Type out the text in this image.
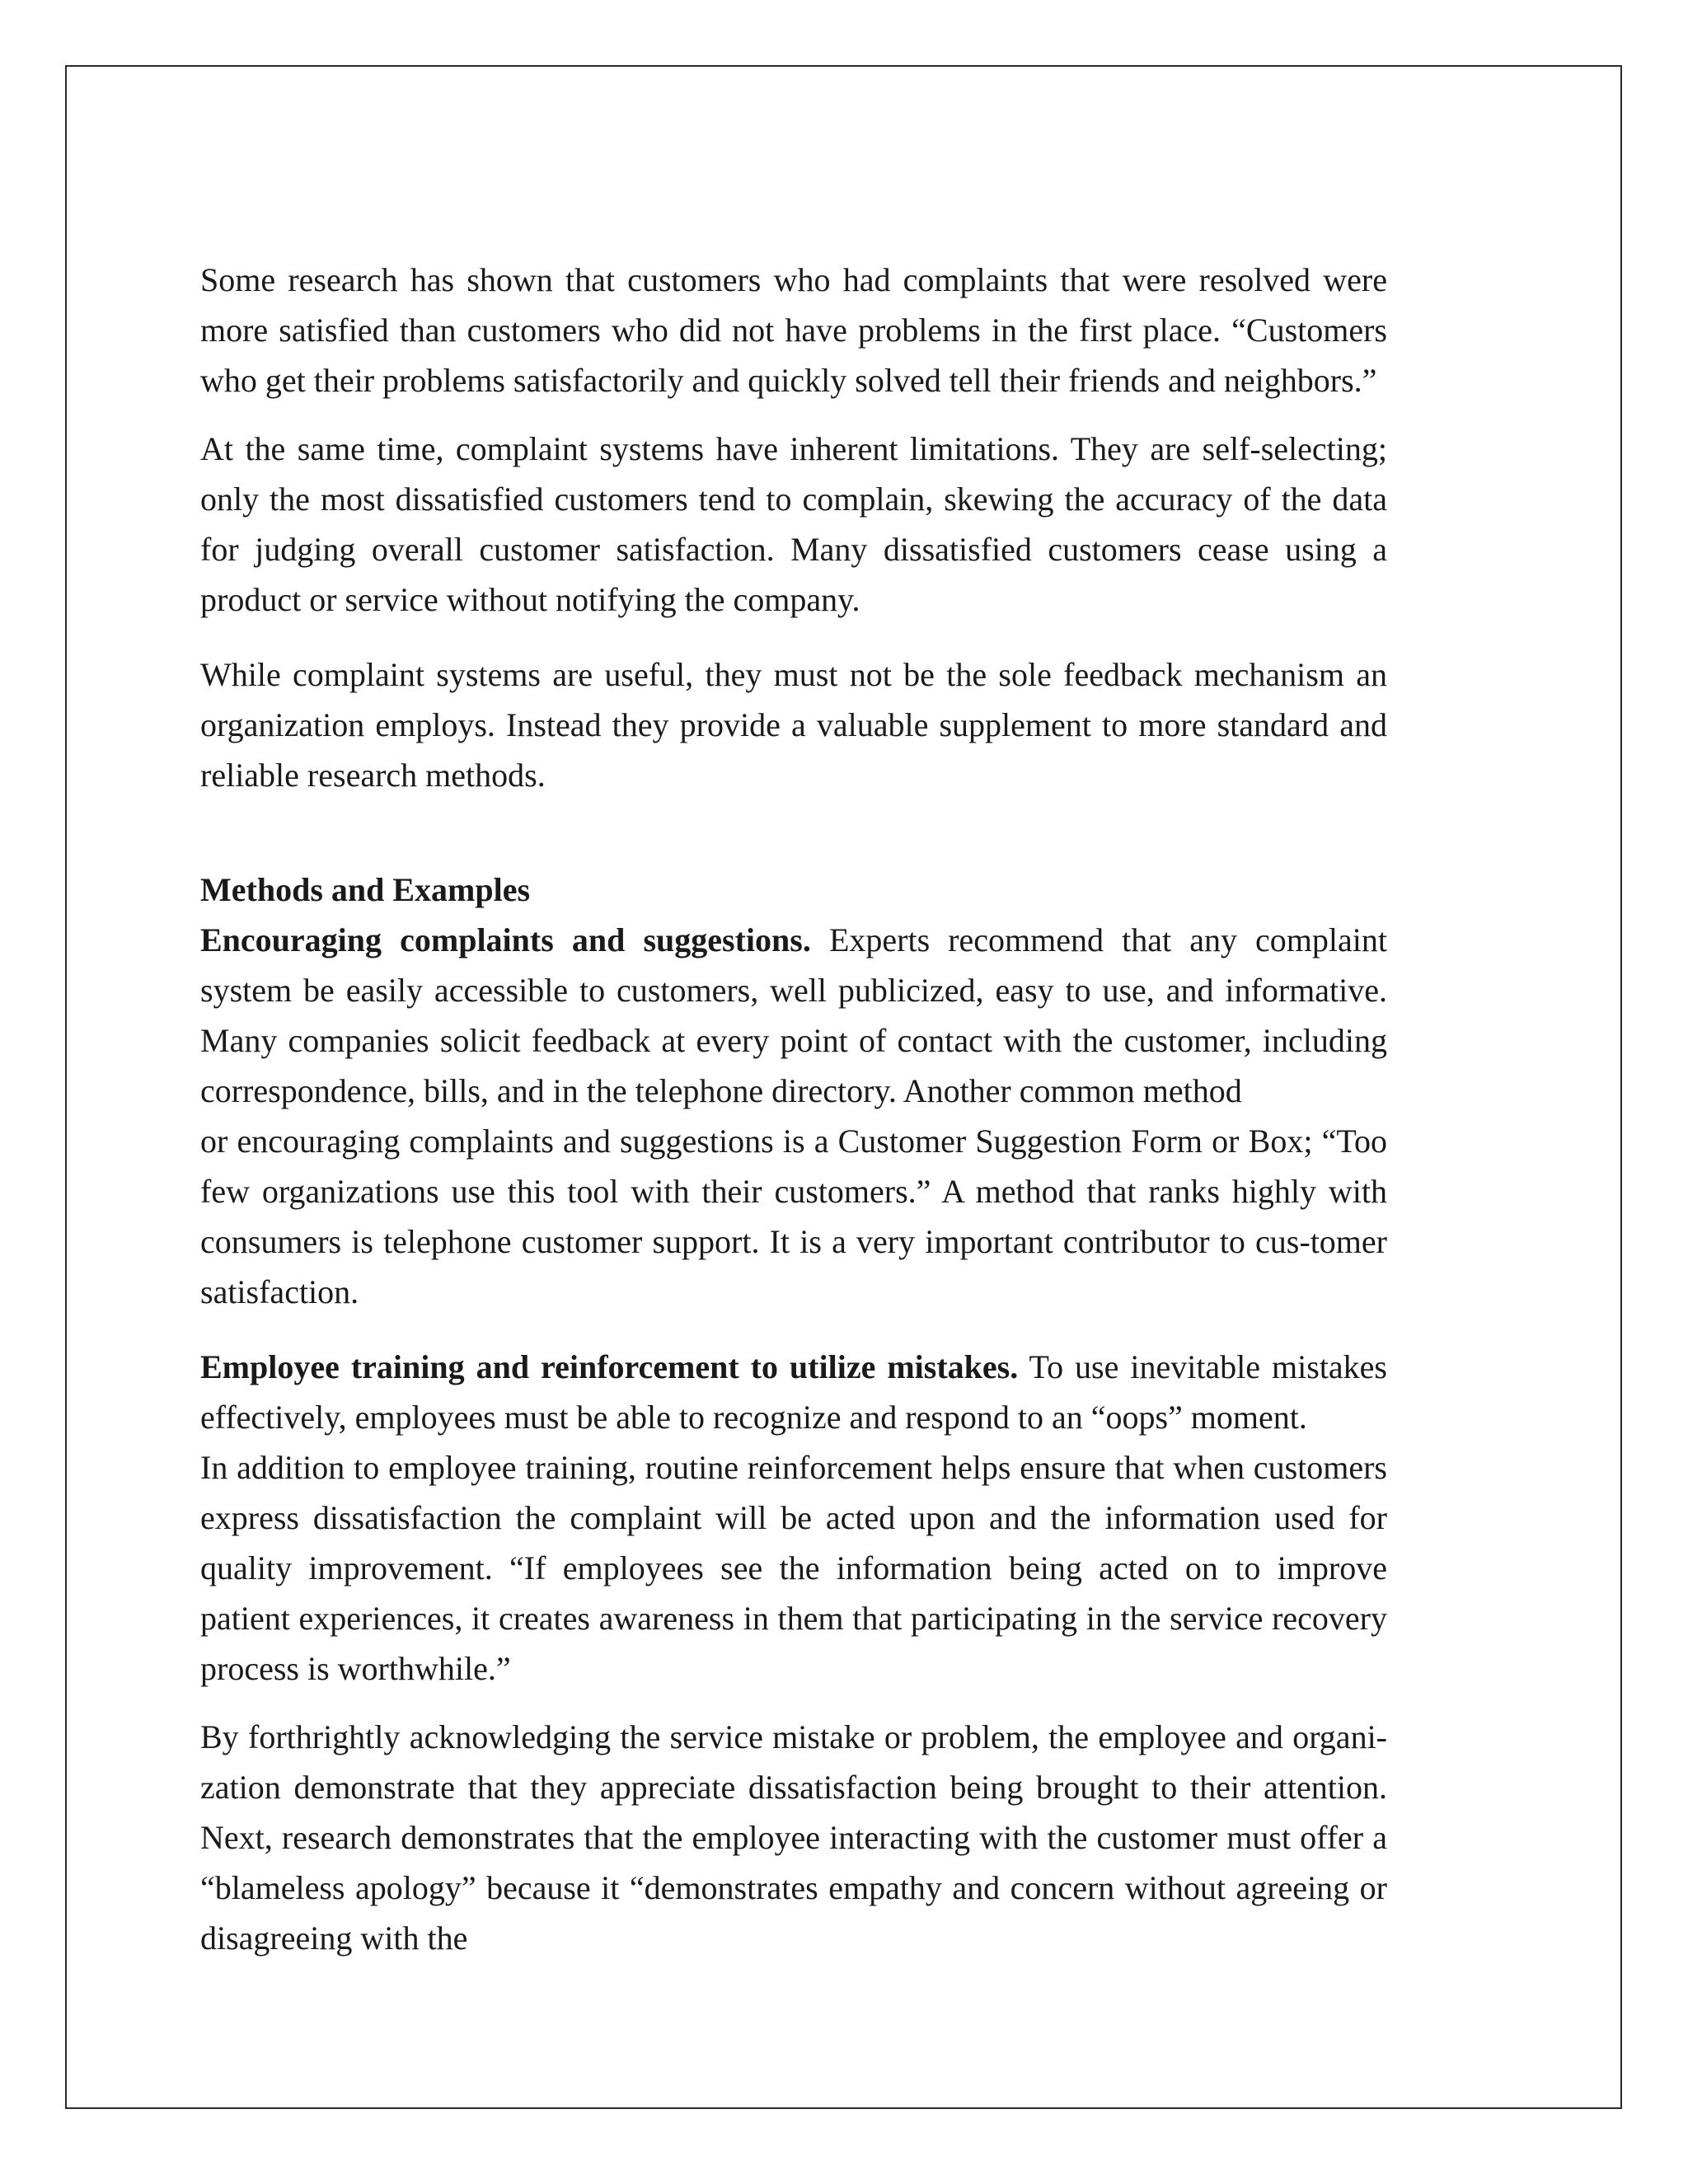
Some research has shown that customers who had complaints that were resolved were more satisfied than customers who did not have problems in the first place. “Customers who get their problems satisfactorily and quickly solved tell their friends and neighbors.”

At the same time, complaint systems have inherent limitations. They are self-selecting; only the most dissatisfied customers tend to complain, skewing the accuracy of the data for judging overall customer satisfaction. Many dissatisfied customers cease using a product or service without notifying the company.

While complaint systems are useful, they must not be the sole feedback mechanism an organization employs. Instead they provide a valuable supplement to more standard and reliable research methods.

Methods and Examples

Encouraging complaints and suggestions. Experts recommend that any complaint system be easily accessible to customers, well publicized, easy to use, and informative. Many companies solicit feedback at every point of contact with the customer, including correspondence, bills, and in the telephone directory. Another common method

or encouraging complaints and suggestions is a Customer Suggestion Form or Box; “Too few organizations use this tool with their customers.” A method that ranks highly with consumers is telephone customer support. It is a very important contributor to cus-tomer satisfaction.

Employee training and reinforcement to utilize mistakes. To use inevitable mistakes effectively, employees must be able to recognize and respond to an “oops” moment.

In addition to employee training, routine reinforcement helps ensure that when customers express dissatisfaction the complaint will be acted upon and the information used for quality improvement. “If employees see the information being acted on to improve patient experiences, it creates awareness in them that participating in the service recovery process is worthwhile.”

By forthrightly acknowledging the service mistake or problem, the employee and organi-zation demonstrate that they appreciate dissatisfaction being brought to their attention. Next, research demonstrates that the employee interacting with the customer must offer a “blameless apology” because it “demonstrates empathy and concern without agreeing or disagreeing with the
